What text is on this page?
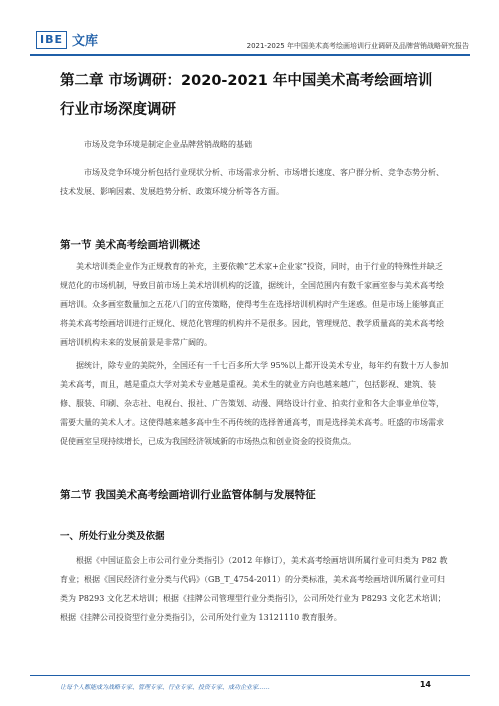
IBE 文库	2021-2025 年中国美术高考绘画培训行业调研及品牌营销战略研究报告
第二章 市场调研：2020-2021 年中国美术高考绘画培训行业市场深度调研

市场及竞争环境是制定企业品牌营销战略的基础

市场及竞争环境分析包括行业现状分析、市场需求分析、市场增长速度、客户群分析、竞争态势分析、技术发展、影响因素、发展趋势分析、政策环境分析等各方面。

第一节 美术高考绘画培训概述

美术培训类企业作为正规教育的补充，主要依赖“艺术家+企业家”投资，同时，由于行业的特殊性并缺乏规范化的市场机制，导致目前市场上美术培训机构的泛滥，据统计，全国范围内有数千家画室参与美术高考绘画培训。众多画室数量加之五花八门的宣传策略，使得考生在选择培训机构时产生迷惑。但是市场上能够真正将美术高考绘画培训进行正规化、规范化管理的机构并不是很多。因此，管理规范、教学质量高的美术高考绘画培训机构未来的发展前景是非常广阔的。

据统计，除专业的美院外，全国还有一千七百多所大学 95%以上都开设美术专业，每年约有数十万人参加美术高考，而且，越是重点大学对美术专业越是重视。美术生的就业方向也越来越广，包括影视、建筑、装修、服装、印刷、杂志社、电视台、报社、广告策划、动漫、网络设计行业、拍卖行业和各大企事业单位等，需要大量的美术人才。这使得越来越多高中生不再传统的选择普通高考，而是选择美术高考。旺盛的市场需求促使画室呈现持续增长，已成为我国经济领域新的市场热点和创业资金的投资焦点。

第二节 我国美术高考绘画培训行业监管体制与发展特征
一、所处行业分类及依据

根据《中国证监会上市公司行业分类指引》（2012 年修订），美术高考绘画培训所属行业可归类为 P82 教育业；根据《国民经济行业分类与代码》（GB_T_4754-2011）的分类标准，美术高考绘画培训所属行业可归类为 P8293 文化艺术培训；根据《挂牌公司管理型行业分类指引》，公司所处行业为 P8293 文化艺术培训；根据《挂牌公司投资型行业分类指引》，公司所处行业为 13121110 教育服务。

让每个人都能成为战略专家、管理专家、行业专家、投资专家、成功企业家……	14
